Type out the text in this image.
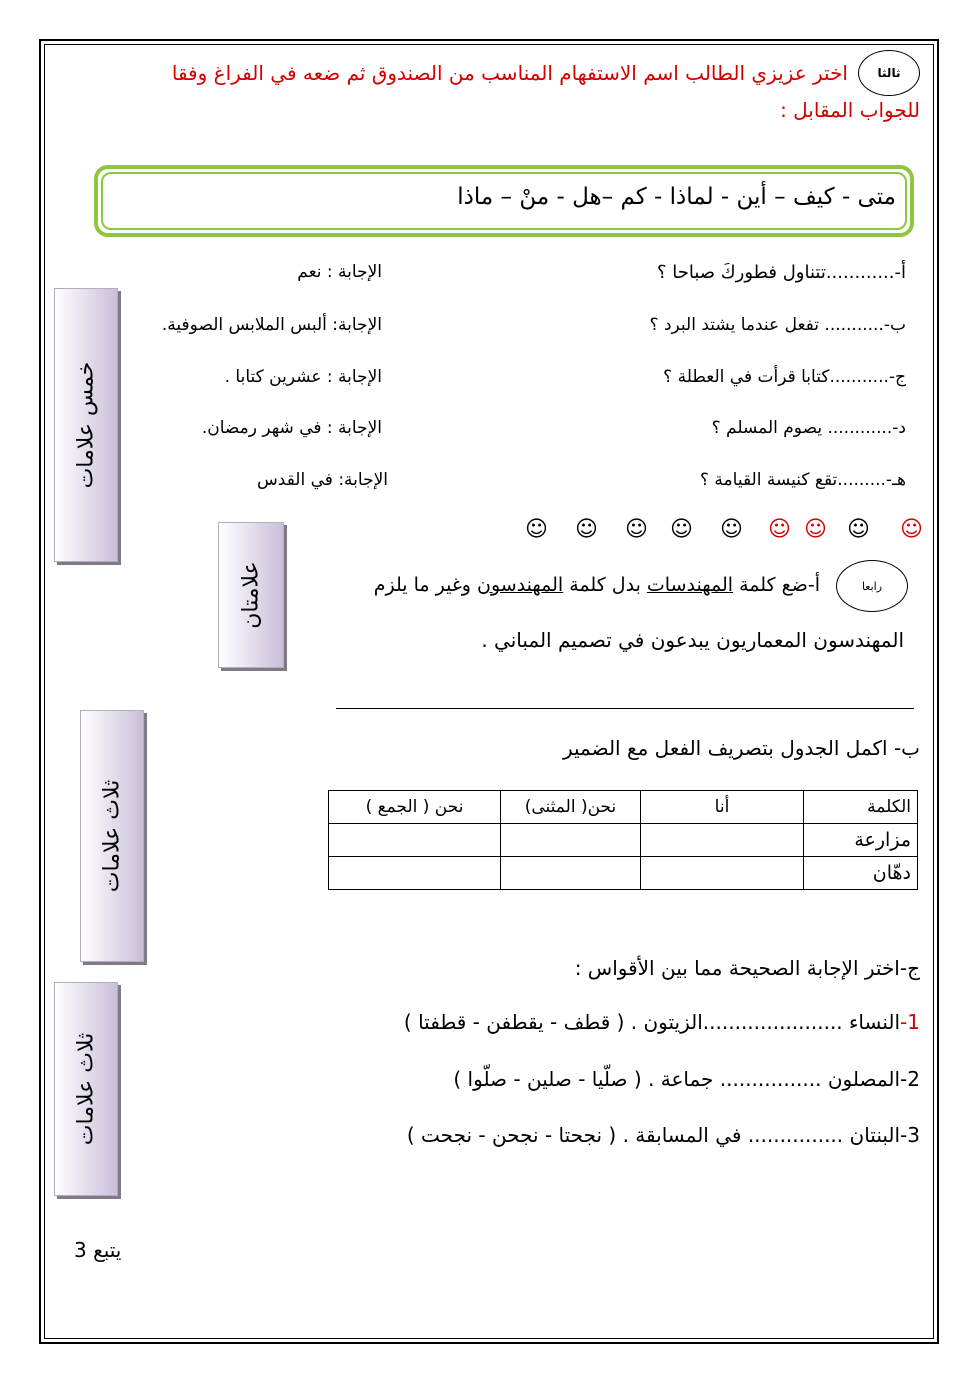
ثالثا
اختر عزيزي الطالب اسم الاستفهام المناسب من الصندوق ثم ضعه في الفراغ وفقا
للجواب المقابل :
متى - كيف – أين - لماذا - كم –هل - منْ – ماذا
أ-............تتناول فطوركَ صباحا ؟
الإجابة : نعم
ب-........... تفعل عندما يشتد البرد ؟
الإجابة: ألبس الملابس الصوفية.
ج-...........كتابا قرأت في العطلة ؟
الإجابة : عشرين كتابا .
د-............ يصوم المسلم ؟
الإجابة : في شهر رمضان.
هـ-.........تقع كنيسة القيامة ؟
الإجابة: في القدس
خمس علامات
☺
☺
☺
☺
☺
☺
☺
☺
☺
رابعا
علامتان	أ-ضع كلمة المهندسات بدل كلمة المهندسون وغير ما يلزم
المهندسون المعماريون يبدعون في تصميم المباني .
ثلاث علامات
ب- اكمل الجدول بتصريف الفعل مع الضمير
الكلمة	أنا	نحن( المثنى)	نحن ( الجمع )
مزارعة			
دهّان			
ج-اختر الإجابة الصحيحة مما بين الأقواس :
ثلاث علامات
1-النساء ......................الزيتون . ( قطف - يقطفن - قطفتا )
2-المصلون ................ جماعة . ( صلّيا - صلين - صلّوا )
3-البنتان ............... في المسابقة . ( نجحتا - نجحن - نجحت )
يتبع 3
